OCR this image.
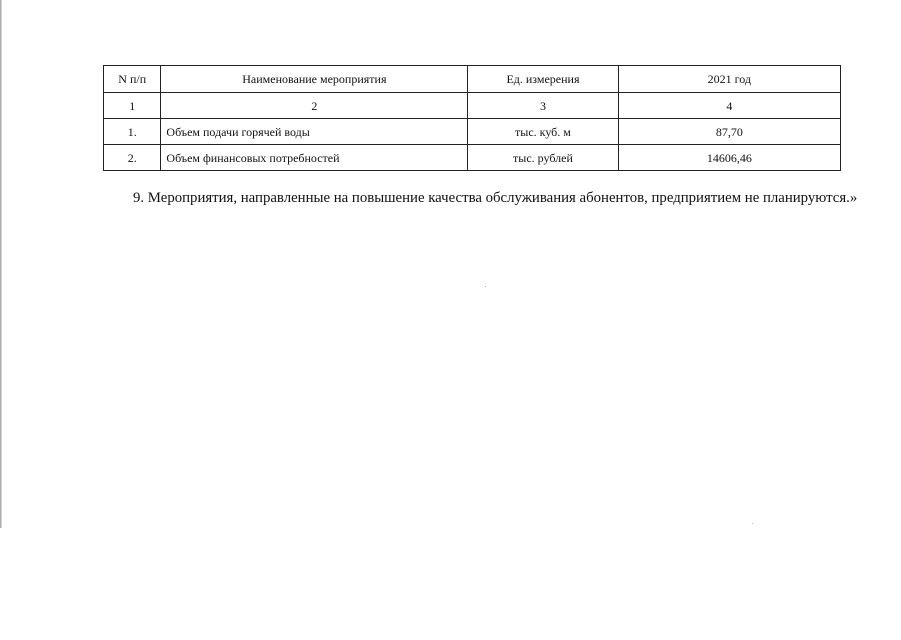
N п/п	Наименование мероприятия	Ед. измерения	2021 год
1	2	3	4
1.	Объем подачи горячей воды	тыс. куб. м	87,70
2.	Объем финансовых потребностей	тыс. рублей	14606,46

9. Мероприятия, направленные на повышение качества обслуживания абонентов, предприятием не планируются.»
